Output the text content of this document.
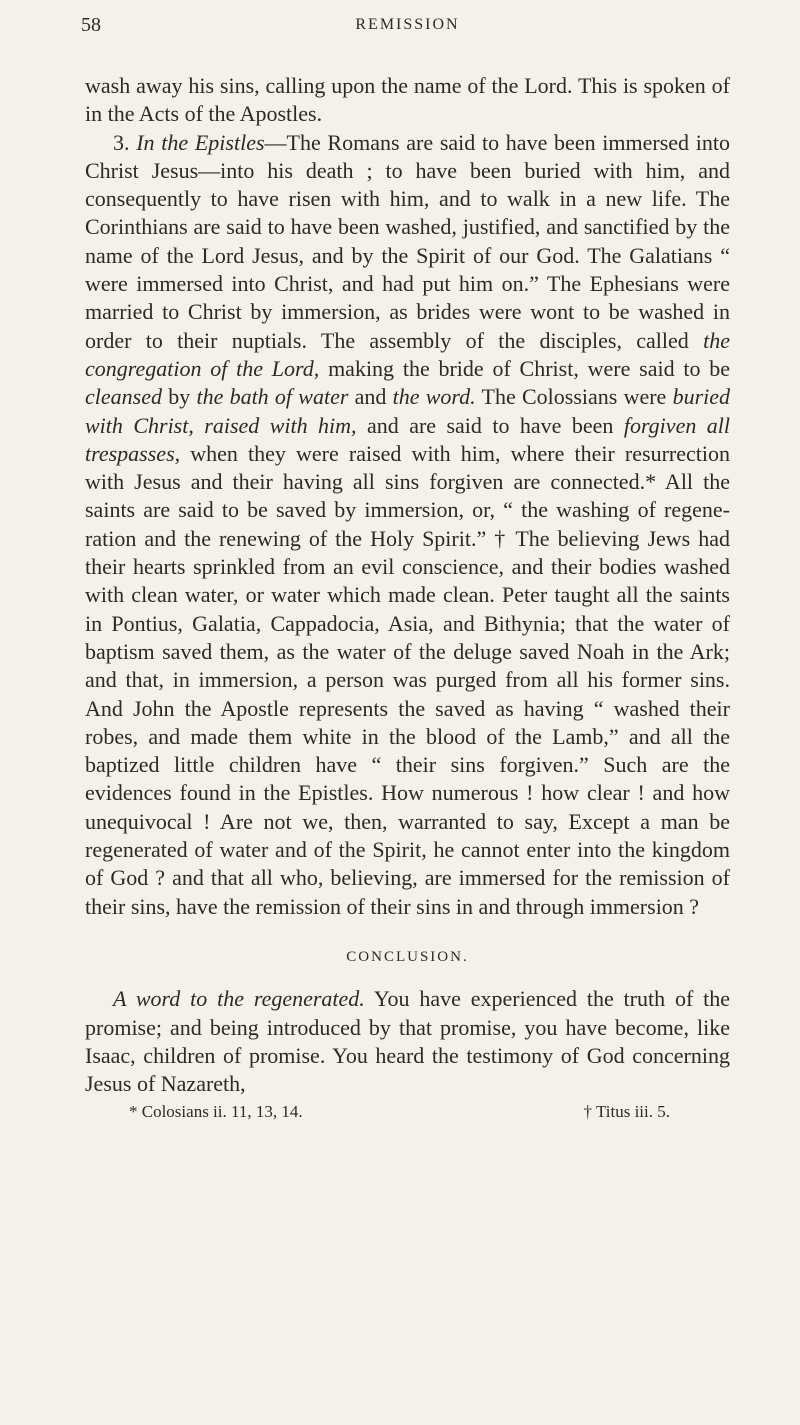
58	REMISSION

wash away his sins, calling upon the name of the Lord. This is spoken of in the Acts of the Apostles.

3. In the Epistles—The Romans are said to have been immersed into Christ Jesus—into his death ; to have been buried with him, and consequently to have risen with him, and to walk in a new life. The Corinthians are said to have been washed, justified, and sanctified by the name of the Lord Jesus, and by the Spirit of our God. The Galatians “ were immersed into Christ, and had put him on.” The Ephesians were married to Christ by immersion, as brides were wont to be washed in order to their nuptials. The assembly of the disciples, called the congregation of the Lord, making the bride of Christ, were said to be cleansed by the bath of water and the word. The Colossians were buried with Christ, raised with him, and are said to have been forgiven all trespasses, when they were raised with him, where their resurrection with Jesus and their having all sins forgiven are connected.* All the saints are said to be saved by immersion, or, “ the washing of regeneration and the renewing of the Holy Spirit.” † The believing Jews had their hearts sprinkled from an evil conscience, and their bodies washed with clean water, or water which made clean. Peter taught all the saints in Pontius, Galatia, Cappadocia, Asia, and Bithynia; that the water of baptism saved them, as the water of the deluge saved Noah in the Ark; and that, in immersion, a person was purged from all his former sins. And John the Apostle represents the saved as having “ washed their robes, and made them white in the blood of the Lamb,” and all the baptized little children have “ their sins forgiven.” Such are the evidences found in the Epistles. How numerous ! how clear ! and how unequivocal ! Are not we, then, warranted to say, Except a man be regenerated of water and of the Spirit, he cannot enter into the kingdom of God ? and that all who, believing, are immersed for the remission of their sins, have the remission of their sins in and through immersion ?

CONCLUSION.

A word to the regenerated. You have experienced the truth of the promise; and being introduced by that promise, you have become, like Isaac, children of promise. You heard the testimony of God concerning Jesus of Nazareth,

* Colosians ii. 11, 13, 14.	† Titus iii. 5.
